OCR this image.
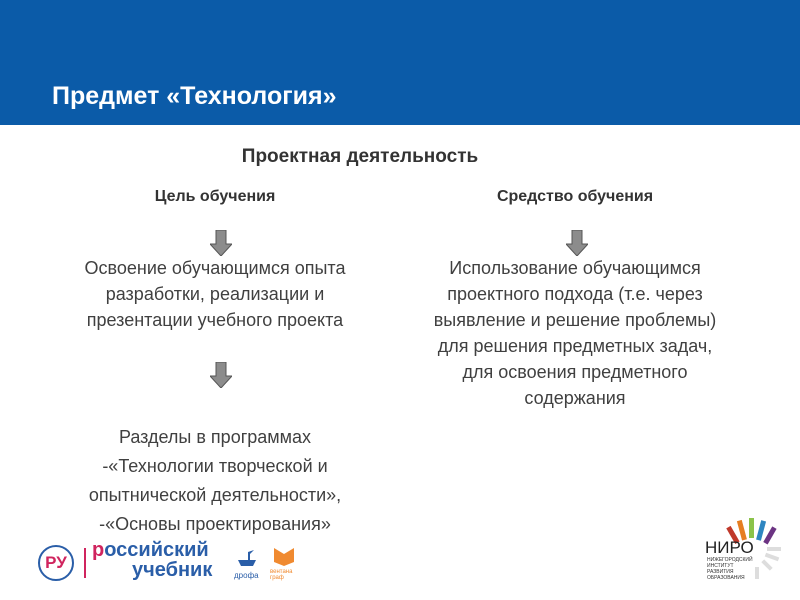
Предмет «Технология»
Проектная деятельность
Цель обучения	Средство обучения
Освоение обучающимся опыта
разработки, реализации и
презентации учебного проекта
Разделы в программах
-«Технологии творческой и
опытнической деятельности»,
-«Основы проектирования»
Использование обучающимся
проектного подхода (т.е. через
выявление и решение проблемы)
для решения предметных задач,
для освоения предметного
содержания
РУ
российский
учебник	дрофа вентана граф
НИРО
НИЖЕГОРОДСКИЙ ИНСТИТУТ РАЗВИТИЯ ОБРАЗОВАНИЯ
